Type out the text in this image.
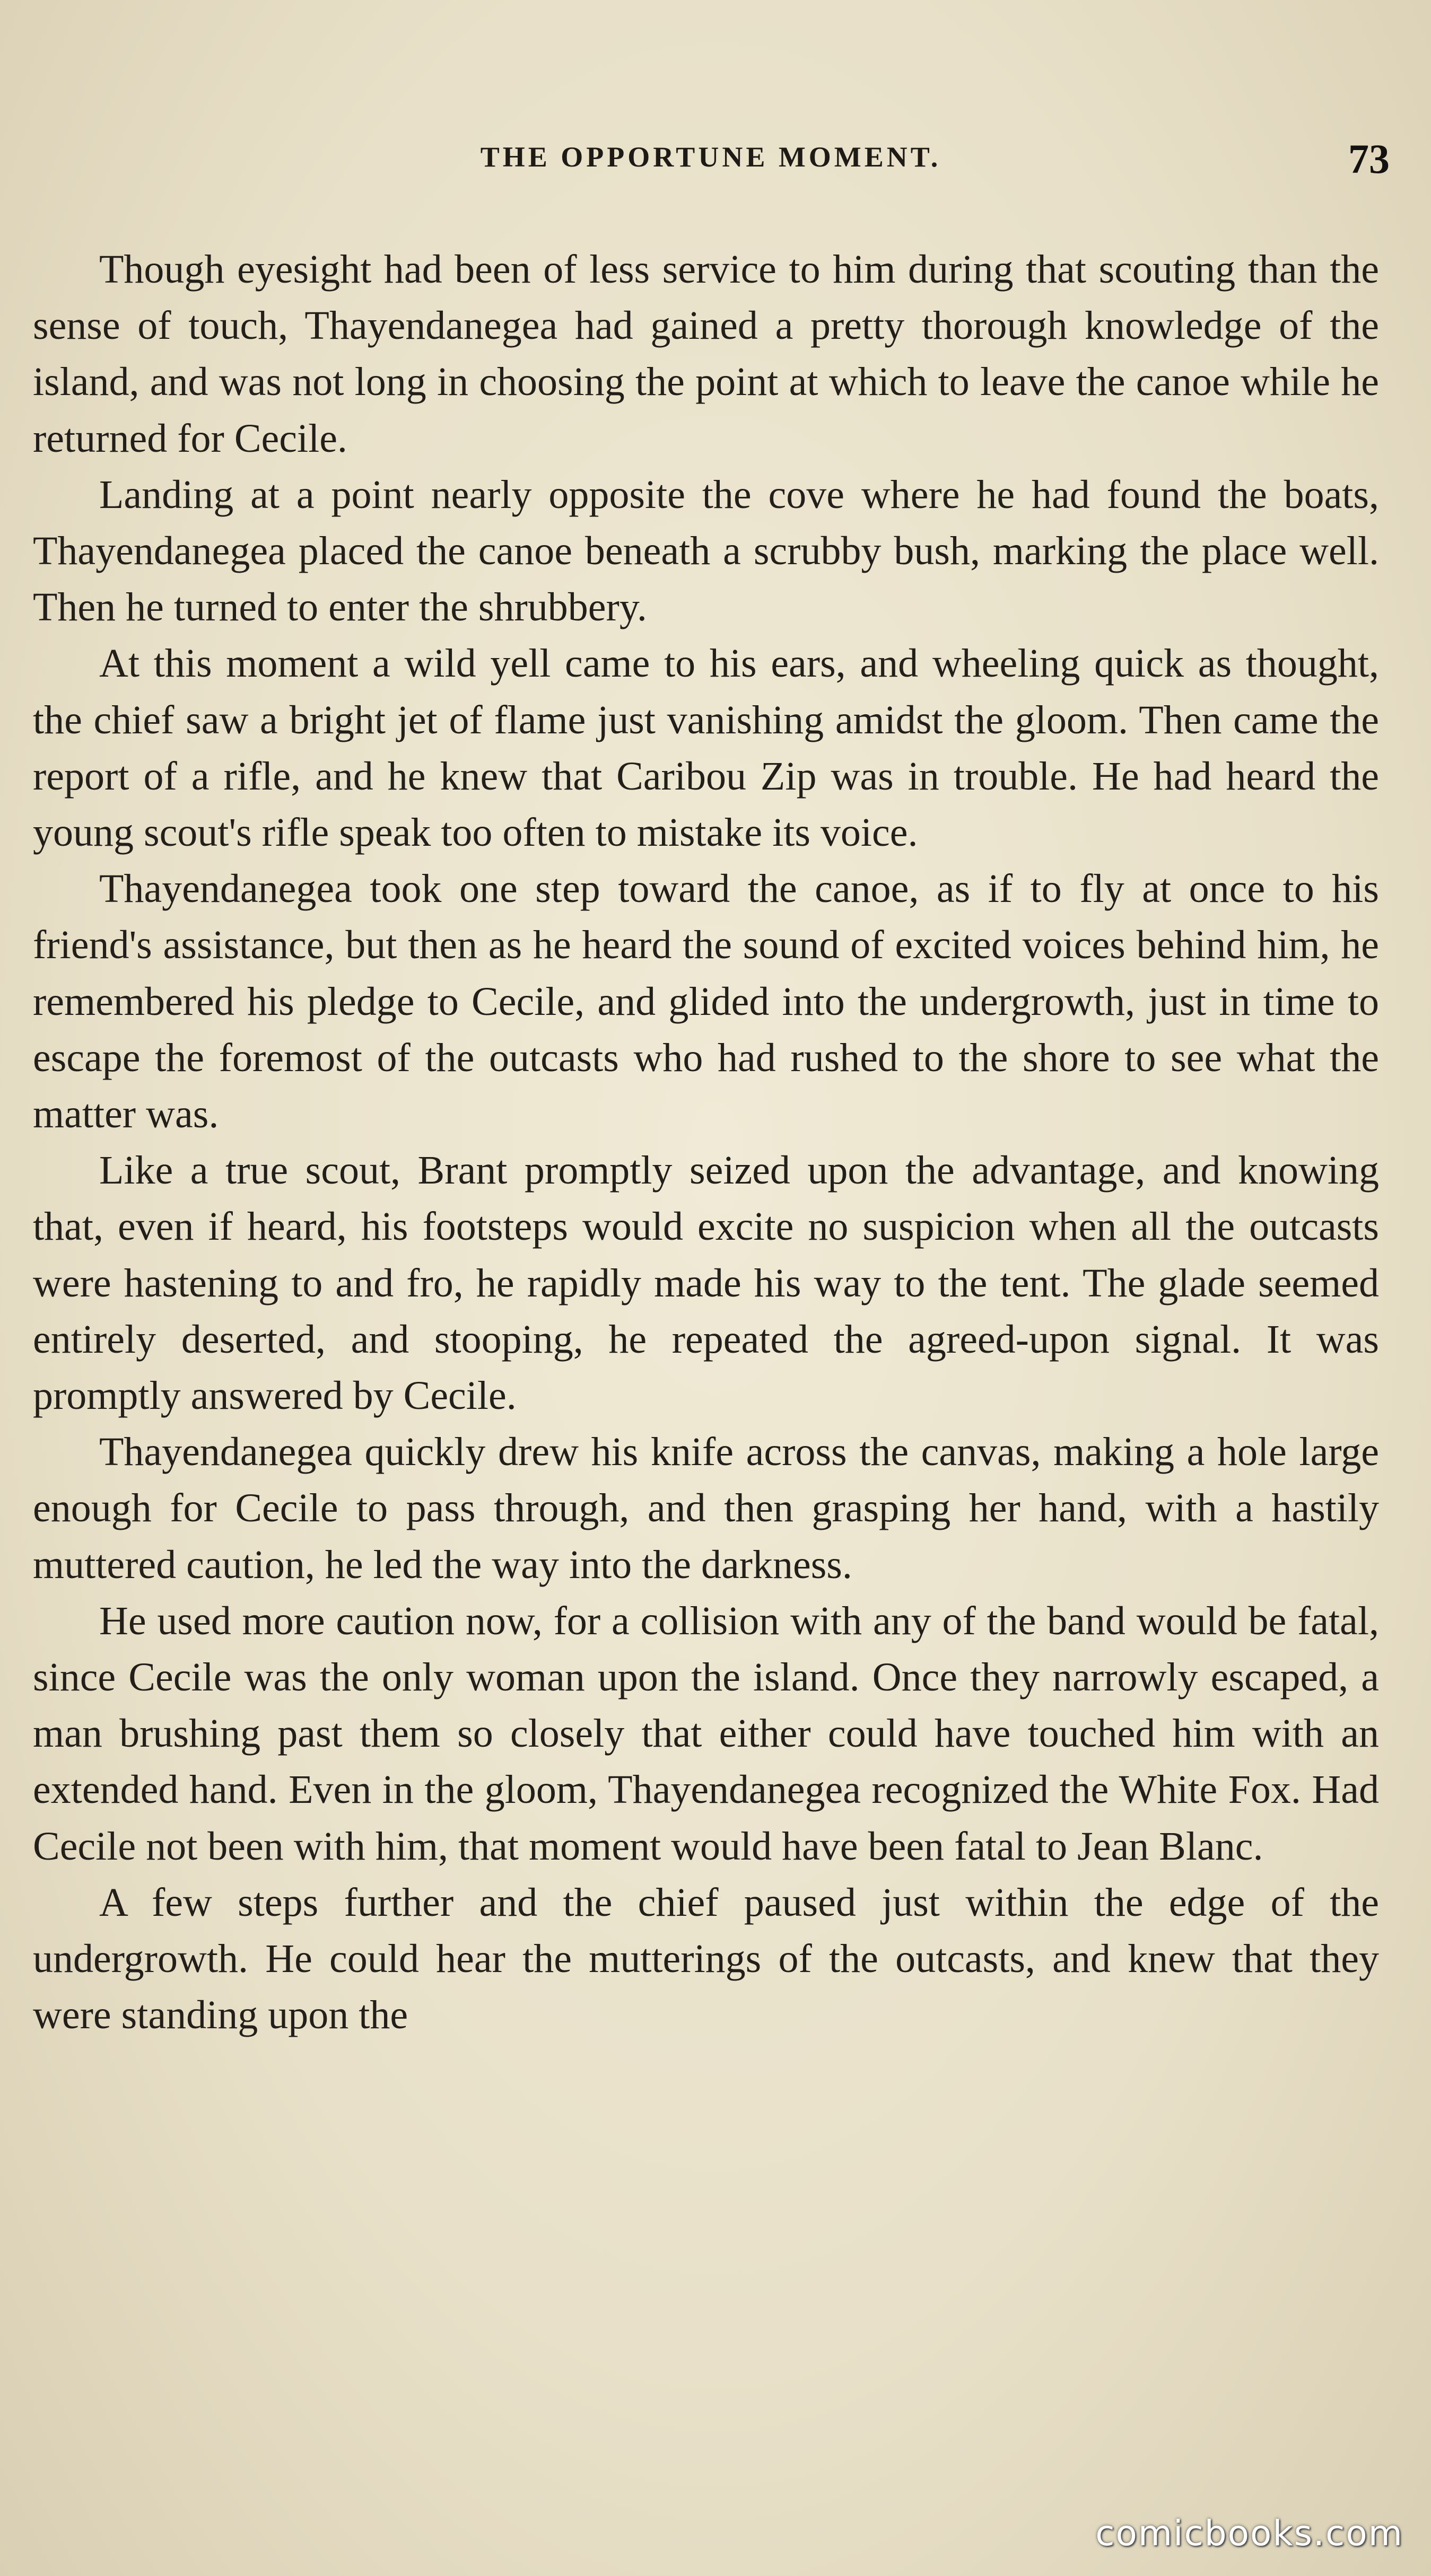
THE OPPORTUNE MOMENT.	73

Though eyesight had been of less service to him during that scouting than the sense of touch, Thayendanegea had gained a pretty thorough knowledge of the island, and was not long in choosing the point at which to leave the canoe while he returned for Cecile.

Landing at a point nearly opposite the cove where he had found the boats, Thayendanegea placed the canoe beneath a scrubby bush, marking the place well. Then he turned to enter the shrubbery.

At this moment a wild yell came to his ears, and wheeling quick as thought, the chief saw a bright jet of flame just vanishing amidst the gloom. Then came the report of a rifle, and he knew that Caribou Zip was in trouble. He had heard the young scout's rifle speak too often to mistake its voice.

Thayendanegea took one step toward the canoe, as if to fly at once to his friend's assistance, but then as he heard the sound of excited voices behind him, he remembered his pledge to Cecile, and glided into the undergrowth, just in time to escape the foremost of the outcasts who had rushed to the shore to see what the matter was.

Like a true scout, Brant promptly seized upon the advantage, and knowing that, even if heard, his footsteps would excite no suspicion when all the outcasts were hastening to and fro, he rapidly made his way to the tent. The glade seemed entirely deserted, and stooping, he repeated the agreed-upon signal. It was promptly answered by Cecile.

Thayendanegea quickly drew his knife across the canvas, making a hole large enough for Cecile to pass through, and then grasping her hand, with a hastily muttered caution, he led the way into the darkness.

He used more caution now, for a collision with any of the band would be fatal, since Cecile was the only woman upon the island. Once they narrowly escaped, a man brushing past them so closely that either could have touched him with an extended hand. Even in the gloom, Thayendanegea recognized the White Fox. Had Cecile not been with him, that moment would have been fatal to Jean Blanc.

A few steps further and the chief paused just within the edge of the undergrowth. He could hear the mutterings of the outcasts, and knew that they were standing upon the

comicbooks.com
